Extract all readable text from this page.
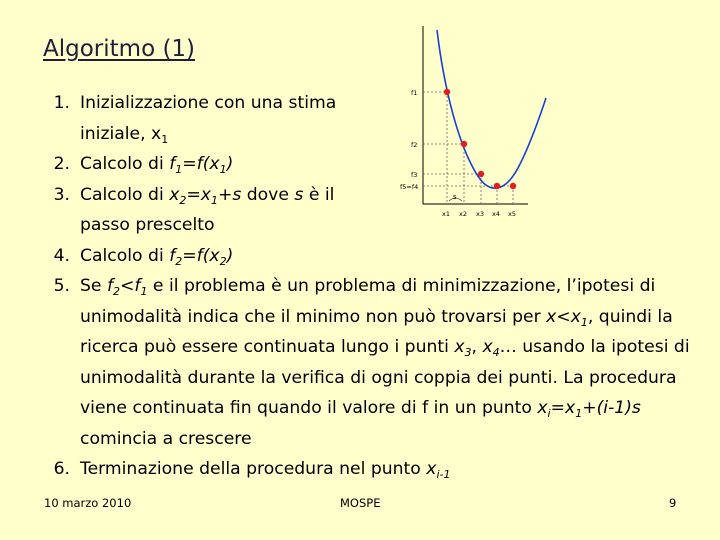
Algoritmo (1)
1. Inizializzazione con una stima iniziale, $x_1$
2. Calcolo di $f_1=f(x_1)$
3. Calcolo di $x_2=x_1+s$ dove s è il passo prescelto
4. Calcolo di $f_2=f(x_2)$
5. Se $f_2<f_1$ e il problema è un problema di minimizzazione, l’ipotesi di unimodalità indica che il minimo non può trovarsi per $x<x_1$, quindi la ricerca può essere continuata lungo i punti $x_3$, $x_4\dots$ usando la ipotesi di unimodalità durante la verifica di ogni coppia dei punti. La procedura viene continuata fin quando il valore di f in un punto $x_i=x_1+(i-1)s$ comincia a crescere
6. Terminazione della procedura nel punto $x_{i-1}$
s
f1
f2
f3
f5=f4
x1 x2 x3 x4 x5
10 marzo 2010	MOSPE	9
